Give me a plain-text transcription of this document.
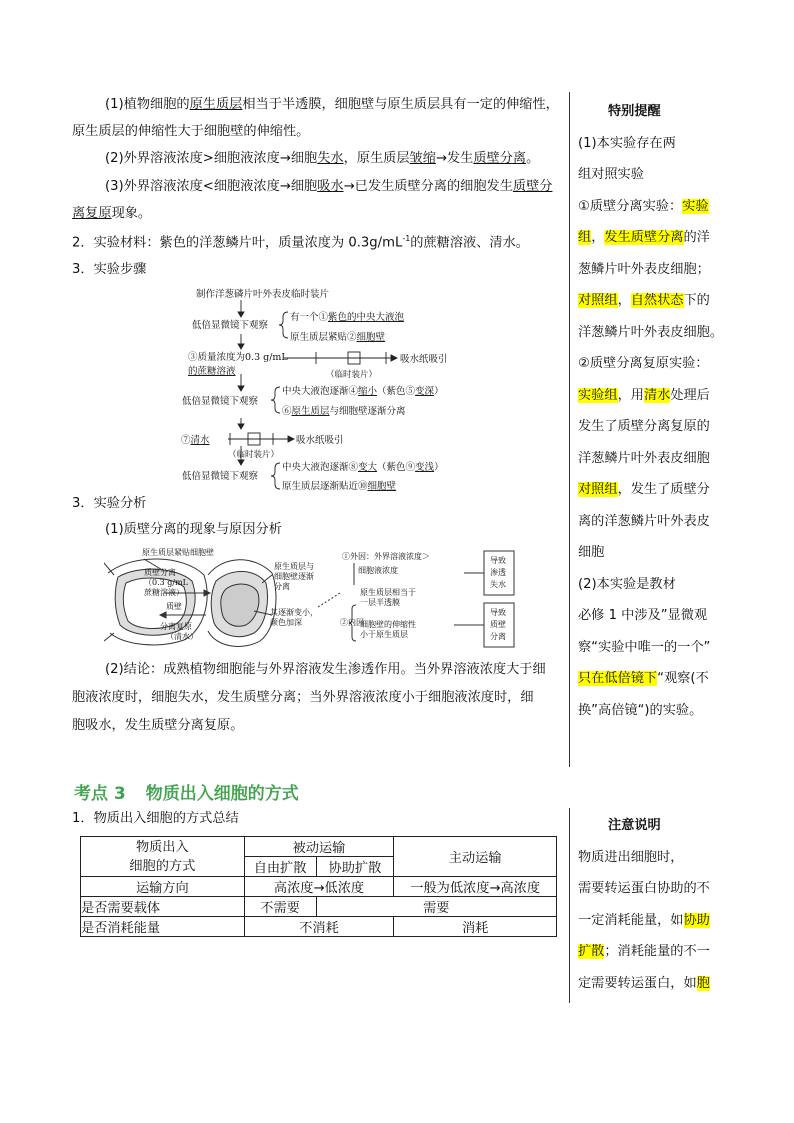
(1)植物细胞的原生质层相当于半透膜，细胞壁与原生质层具有一定的伸缩性，
原生质层的伸缩性大于细胞壁的伸缩性。
(2)外界溶液浓度>细胞液浓度→细胞失水，原生质层皱缩→发生质壁分离。
(3)外界溶液浓度<细胞液浓度→细胞吸水→已发生质壁分离的细胞发生质壁分
离复原现象。
2．实验材料：紫色的洋葱鳞片叶，质量浓度为 $0.3g/mL^{-1}$的蔗糖溶液、清水。
3．实验步骤
制作洋葱磷片叶外表皮临时装片
低倍显微镜下观察
有一个①紫色的中央大液泡
原生质层紧贴②细胞壁
③质量浓度为0.3 g/mL
的蔗糖溶液
吸水纸吸引
（临时装片）
低倍显微镜下观察
中央大液泡逐渐④缩小（紫色⑤变深）
⑥原生质层与细胞壁逐渐分离
⑦清水	吸水纸吸引
（临时装片）
低倍显微镜下观察
中央大液泡逐渐⑧变大（紫色⑨变浅）
原生质层逐渐贴近⑩细胞壁
3．实验分析
(1)质壁分离的现象与原因分析
原生质层紧贴细胞壁
质壁分离
（0.3 g/mL
蔗糖溶液）
质壁
分离复原
（清水）
原生质层与
细胞壁逐渐
分离
其逐渐变小，
颜色加深
①外因：外界溶液浓度＞
细胞液浓度
②内因
原生质层相当于
一层半透膜
细胞壁的伸缩性
小于原生质层
导致
渗透
失水
导致
质壁
分离
(2)结论：成熟植物细胞能与外界溶液发生渗透作用。当外界溶液浓度大于细
胞液浓度时，细胞失水，发生质壁分离；当外界溶液浓度小于细胞液浓度时，细
胞吸水，发生质壁分离复原。
特别提醒
(1)本实验存在两
组对照实验
①质壁分离实验：实验
组，发生质壁分离的洋
葱鳞片叶外表皮细胞；
对照组，自然状态下的
洋葱鳞片叶外表皮细胞。
②质壁分离复原实验：
实验组，用清水处理后
发生了质壁分离复原的
洋葱鳞片叶外表皮细胞
对照组，发生了质壁分
离的洋葱鳞片叶外表皮
细胞
(2)本实验是教材
必修 1 中涉及”显微观
察“实验中唯一的一个”
只在低倍镜下“观察(不
换”高倍镜“)的实验。
考点 3 物质出入细胞的方式
1．物质出入细胞的方式总结
物质出入
细胞的方式	被动运输		主动运输
	自由扩散	协助扩散	
运输方向	高浓度→低浓度		一般为低浓度→高浓度
是否需要载体	不需要	需要	
是否消耗能量	不消耗		消耗
注意说明
物质进出细胞时，
需要转运蛋白协助的不
一定消耗能量，如协助
扩散；消耗能量的不一
定需要转运蛋白，如胞
